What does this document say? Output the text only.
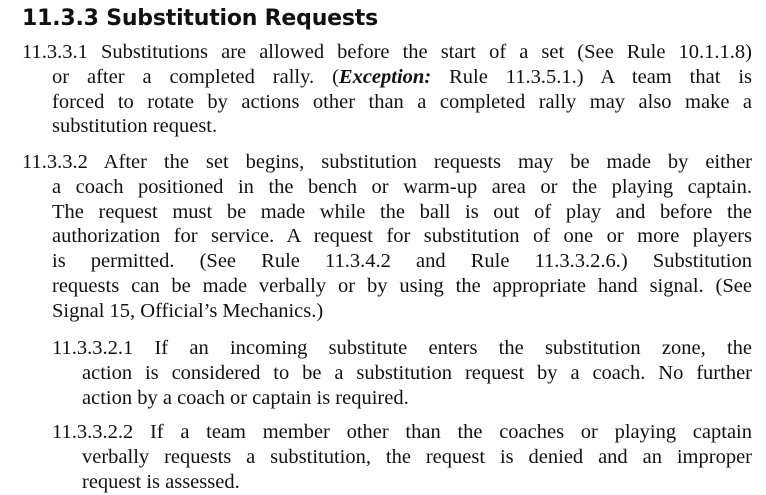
11.3.3 Substitution Requests

11.3.3.1 Substitutions are allowed before the start of a set (See Rule 10.1.1.8)
or after a completed rally. (Exception: Rule 11.3.5.1.) A team that is
forced to rotate by actions other than a completed rally may also make a
substitution request.

11.3.3.2 After the set begins, substitution requests may be made by either
a coach positioned in the bench or warm-up area or the playing captain.
The request must be made while the ball is out of play and before the
authorization for service. A request for substitution of one or more players
is permitted. (See Rule 11.3.4.2 and Rule 11.3.3.2.6.) Substitution
requests can be made verbally or by using the appropriate hand signal. (See
Signal 15, Official’s Mechanics.)

11.3.3.2.1 If an incoming substitute enters the substitution zone, the
action is considered to be a substitution request by a coach. No further
action by a coach or captain is required.

11.3.3.2.2 If a team member other than the coaches or playing captain
verbally requests a substitution, the request is denied and an improper
request is assessed.
